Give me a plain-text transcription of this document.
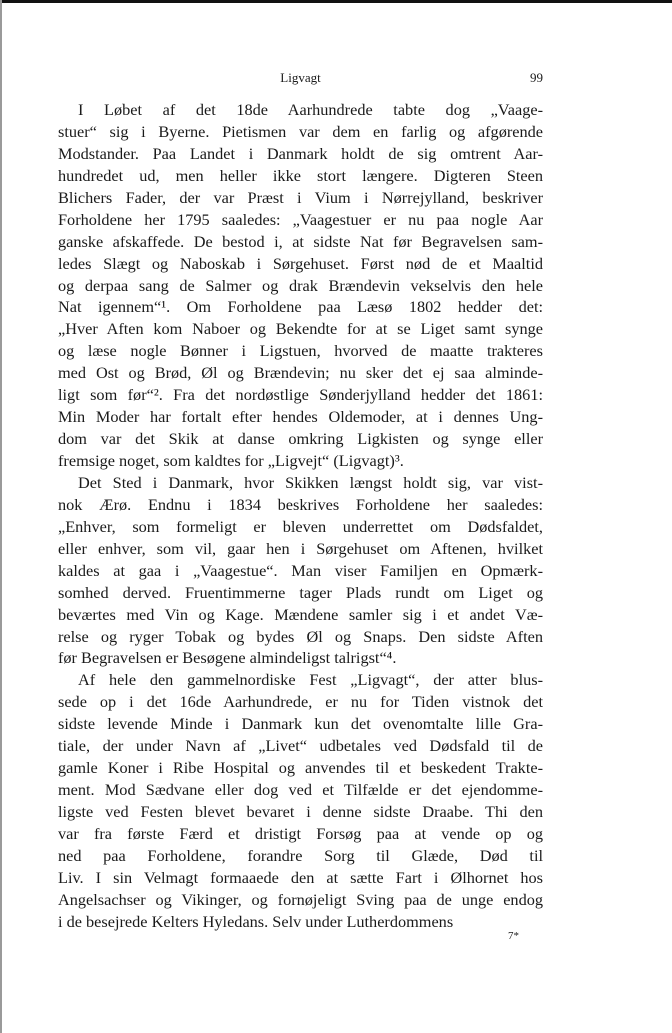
Ligvagt	99
I Løbet af det 18de Aarhundrede tabte dog „Vaage-
stuer“ sig i Byerne. Pietismen var dem en farlig og afgørende
Modstander. Paa Landet i Danmark holdt de sig omtrent Aar-
hundredet ud, men heller ikke stort længere. Digteren Steen
Blichers Fader, der var Præst i Vium i Nørrejylland, beskriver
Forholdene her 1795 saaledes: „Vaagestuer er nu paa nogle Aar
ganske afskaffede. De bestod i, at sidste Nat før Begravelsen sam-
ledes Slægt og Naboskab i Sørgehuset. Først nød de et Maaltid
og derpaa sang de Salmer og drak Brændevin vekselvis den hele
Nat igennem“¹. Om Forholdene paa Læsø 1802 hedder det:
„Hver Aften kom Naboer og Bekendte for at se Liget samt synge
og læse nogle Bønner i Ligstuen, hvorved de maatte trakteres
med Ost og Brød, Øl og Brændevin; nu sker det ej saa alminde-
ligt som før“². Fra det nordøstlige Sønderjylland hedder det 1861:
Min Moder har fortalt efter hendes Oldemoder, at i dennes Ung-
dom var det Skik at danse omkring Ligkisten og synge eller
fremsige noget, som kaldtes for „Ligvejt“ (Ligvagt)³.
Det Sted i Danmark, hvor Skikken længst holdt sig, var vist-
nok Ærø. Endnu i 1834 beskrives Forholdene her saaledes:
„Enhver, som formeligt er bleven underrettet om Dødsfaldet,
eller enhver, som vil, gaar hen i Sørgehuset om Aftenen, hvilket
kaldes at gaa i „Vaagestue“. Man viser Familjen en Opmærk-
somhed derved. Fruentimmerne tager Plads rundt om Liget og
beværtes med Vin og Kage. Mændene samler sig i et andet Væ-
relse og ryger Tobak og bydes Øl og Snaps. Den sidste Aften
før Begravelsen er Besøgene almindeligst talrigst“⁴.
Af hele den gammelnordiske Fest „Ligvagt“, der atter blus-
sede op i det 16de Aarhundrede, er nu for Tiden vistnok det
sidste levende Minde i Danmark kun det ovenomtalte lille Gra-
tiale, der under Navn af „Livet“ udbetales ved Dødsfald til de
gamle Koner i Ribe Hospital og anvendes til et beskedent Trakte-
ment. Mod Sædvane eller dog ved et Tilfælde er det ejendomme-
ligste ved Festen blevet bevaret i denne sidste Draabe. Thi den
var fra første Færd et dristigt Forsøg paa at vende op og
ned paa Forholdene, forandre Sorg til Glæde, Død til
Liv. I sin Velmagt formaaede den at sætte Fart i Ølhornet hos
Angelsachser og Vikinger, og fornøjeligt Sving paa de unge endog
i de besejrede Kelters Hyledans. Selv under Lutherdommens
7*
